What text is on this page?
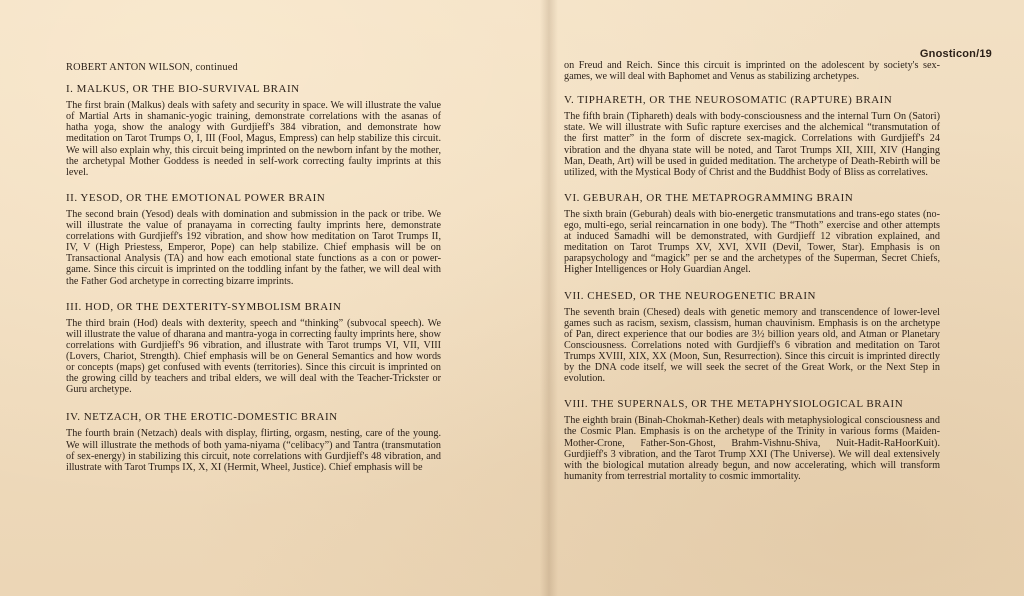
Gnosticon/19
ROBERT ANTON WILSON, continued
I. MALKUS, OR THE BIO-SURVIVAL BRAIN

The first brain (Malkus) deals with safety and security in space. We will illustrate the value of Martial Arts in shamanic-yogic training, demonstrate correlations with the asanas of hatha yoga, show the analogy with Gurdjieff's 384 vibration, and demonstrate how meditation on Tarot Trumps O, I, III (Fool, Magus, Empress) can help stabilize this circuit. We will also explain why, this circuit being imprinted on the newborn infant by the mother, the archetypal Mother Goddess is needed in self-work correcting faulty imprints at this level.

II. YESOD, OR THE EMOTIONAL POWER BRAIN

The second brain (Yesod) deals with domination and submission in the pack or tribe. We will illustrate the value of pranayama in correcting faulty imprints here, demonstrate correlations with Gurdjieff's 192 vibration, and show how meditation on Tarot Trumps II, IV, V (High Priestess, Emperor, Pope) can help stabilize. Chief emphasis will be on Transactional Analysis (TA) and how each emotional state functions as a con or power-game. Since this circuit is imprinted on the toddling infant by the father, we will deal with the Father God archetype in correcting bizarre imprints.

III. HOD, OR THE DEXTERITY-SYMBOLISM BRAIN

The third brain (Hod) deals with dexterity, speech and “thinking” (subvocal speech). We will illustrate the value of dharana and mantra-yoga in correcting faulty imprints here, show correlations with Gurdjieff's 96 vibration, and illustrate with Tarot trumps VI, VII, VIII (Lovers, Chariot, Strength). Chief emphasis will be on General Semantics and how words or concepts (maps) get confused with events (territories). Since this circuit is imprinted on the growing cilld by teachers and tribal elders, we will deal with the Teacher-Trickster or Guru archetype.

IV. NETZACH, OR THE EROTIC-DOMESTIC BRAIN

The fourth brain (Netzach) deals with display, flirting, orgasm, nesting, care of the young. We will illustrate the methods of both yama-niyama (“celibacy”) and Tantra (transmutation of sex-energy) in stabilizing this circuit, note correlations with Gurdjieff's 48 vibration, and illustrate with Tarot Trumps IX, X, XI (Hermit, Wheel, Justice). Chief emphasis will be

on Freud and Reich. Since this circuit is imprinted on the adolescent by society's sex-games, we will deal with Baphomet and Venus as stabilizing archetypes.

V. TIPHARETH, OR THE NEUROSOMATIC (RAPTURE) BRAIN

The fifth brain (Tiphareth) deals with body-consciousness and the internal Turn On (Satori) state. We will illustrate with Sufic rapture exercises and the alchemical “transmutation of the first matter” in the form of discrete sex-magick. Correlations with Gurdjieff's 24 vibration and the dhyana state will be noted, and Tarot Trumps XII, XIII, XIV (Hanging Man, Death, Art) will be used in guided meditation. The archetype of Death-Rebirth will be utilized, with the Mystical Body of Christ and the Buddhist Body of Bliss as correlatives.

VI. GEBURAH, OR THE METAPROGRAMMING BRAIN

The sixth brain (Geburah) deals with bio-energetic transmutations and trans-ego states (no-ego, multi-ego, serial reincarnation in one body). The “Thoth” exercise and other attempts at induced Samadhi will be demonstrated, with Gurdjieff 12 vibration explained, and meditation on Tarot Trumps XV, XVI, XVII (Devil, Tower, Star). Emphasis is on parapsychology and “magick” per se and the archetypes of the Superman, Secret Chiefs, Higher Intelligences or Holy Guardian Angel.

VII. CHESED, OR THE NEUROGENETIC BRAIN

The seventh brain (Chesed) deals with genetic memory and transcendence of lower-level games such as racism, sexism, classism, human chauvinism. Emphasis is on the archetype of Pan, direct experience that our bodies are 3½ billion years old, and Atman or Planetary Consciousness. Correlations noted with Gurdjieff's 6 vibration and meditation on Tarot Trumps XVIII, XIX, XX (Moon, Sun, Resurrection). Since this circuit is imprinted directly by the DNA code itself, we will seek the secret of the Great Work, or the Next Step in evolution.

VIII. THE SUPERNALS, OR THE METAPHYSIOLOGICAL BRAIN

The eighth brain (Binah-Chokmah-Kether) deals with metaphysiological consciousness and the Cosmic Plan. Emphasis is on the archetype of the Trinity in various forms (Maiden-Mother-Crone, Father-Son-Ghost, Brahm-Vishnu-Shiva, Nuit-Hadit-RaHoorKuit). Gurdjieff's 3 vibration, and the Tarot Trump XXI (The Universe). We will deal extensively with the biological mutation already begun, and now accelerating, which will transform humanity from terrestrial mortality to cosmic immortality.
